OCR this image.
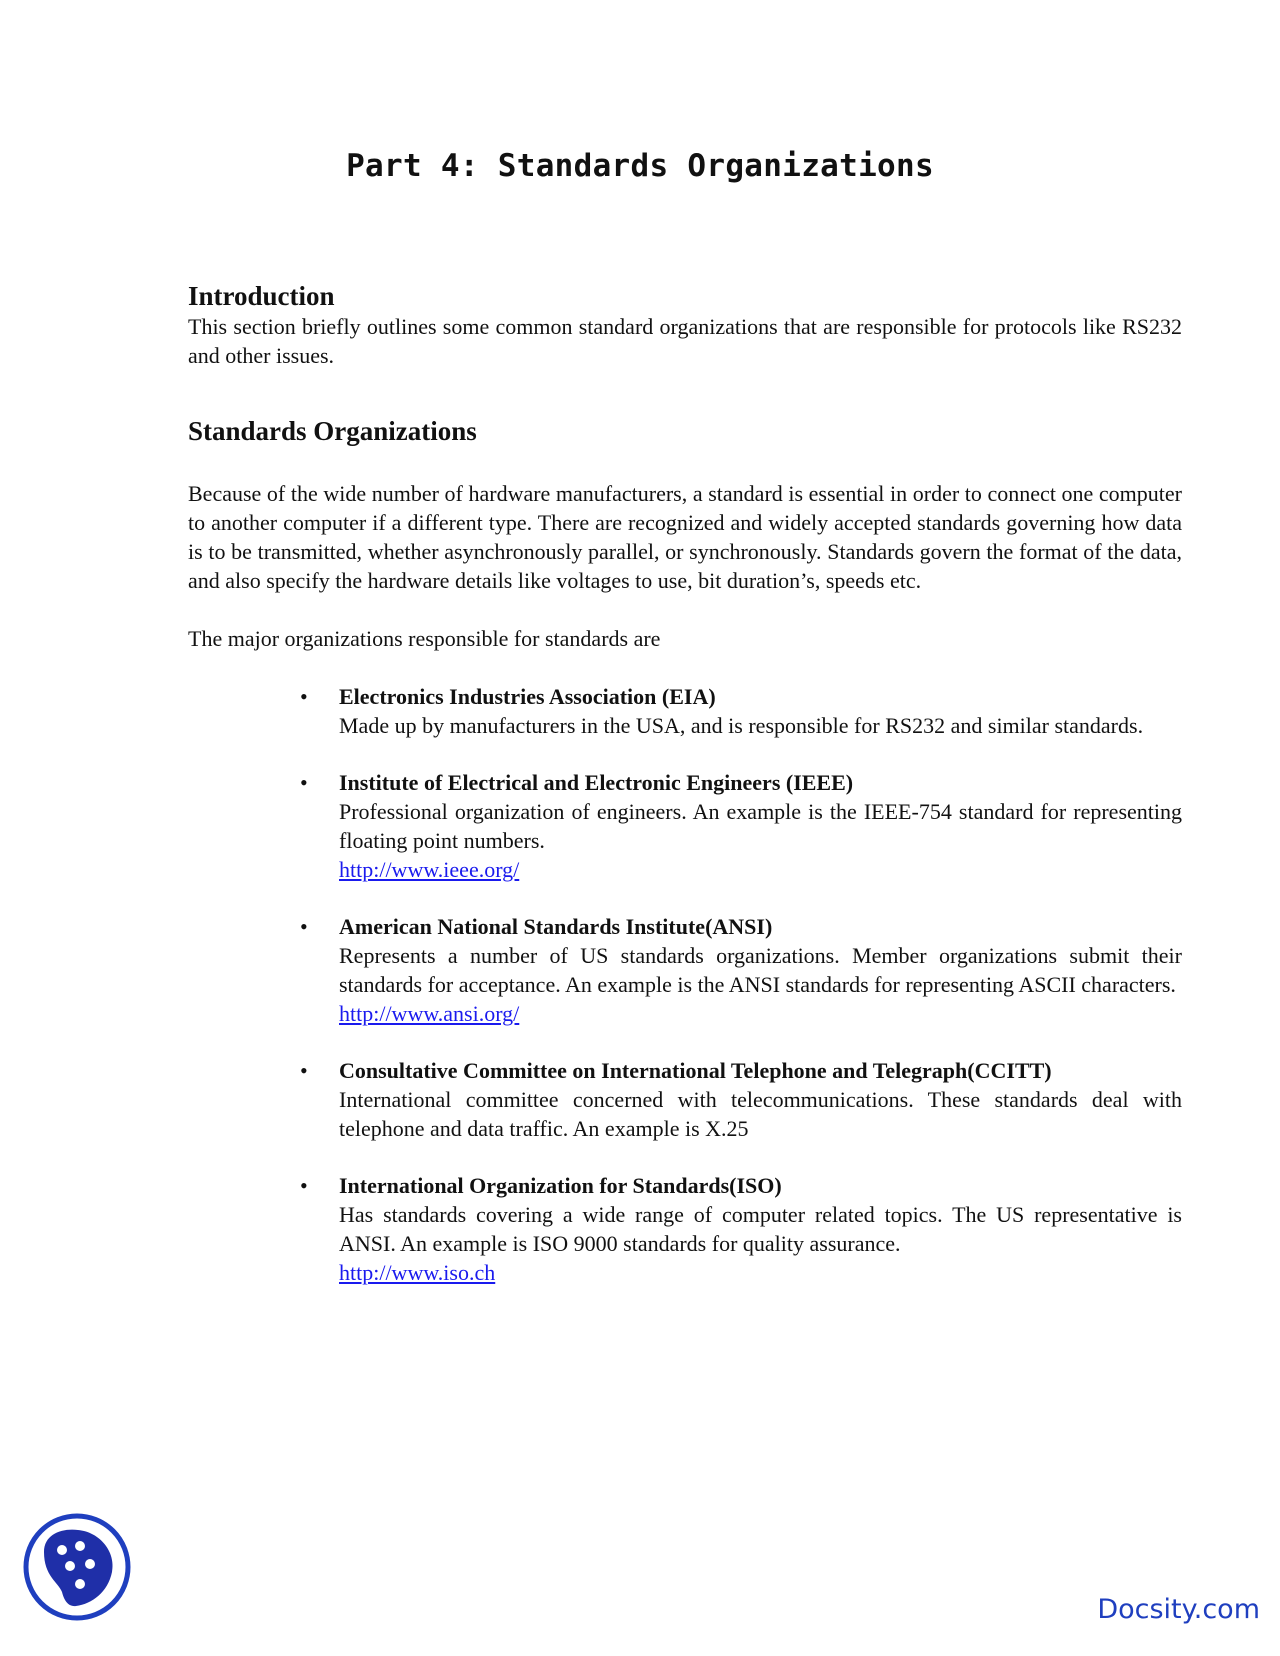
Part 4: Standards Organizations
Introduction

This section briefly outlines some common standard organizations that are responsible for protocols like RS232 and other issues.

Standards Organizations

Because of the wide number of hardware manufacturers, a standard is essential in order to connect one computer to another computer if a different type. There are recognized and widely accepted standards governing how data is to be transmitted, whether asynchronously parallel, or synchronously. Standards govern the format of the data, and also specify the hardware details like voltages to use, bit duration’s, speeds etc.

The major organizations responsible for standards are

• Electronics Industries Association (EIA)

Made up by manufacturers in the USA, and is responsible for RS232 and similar standards.

• Institute of Electrical and Electronic Engineers (IEEE)

Professional organization of engineers. An example is the IEEE-754 standard for representing floating point numbers.

http://www.ieee.org/
• American National Standards Institute(ANSI)

Represents a number of US standards organizations. Member organizations submit their standards for acceptance. An example is the ANSI standards for representing ASCII characters.

http://www.ansi.org/
• Consultative Committee on International Telephone and Telegraph(CCITT)

International committee concerned with telecommunications. These standards deal with telephone and data traffic. An example is X.25

• International Organization for Standards(ISO)

Has standards covering a wide range of computer related topics. The US representative is ANSI. An example is ISO 9000 standards for quality assurance.

http://www.iso.ch
Docsity.com
